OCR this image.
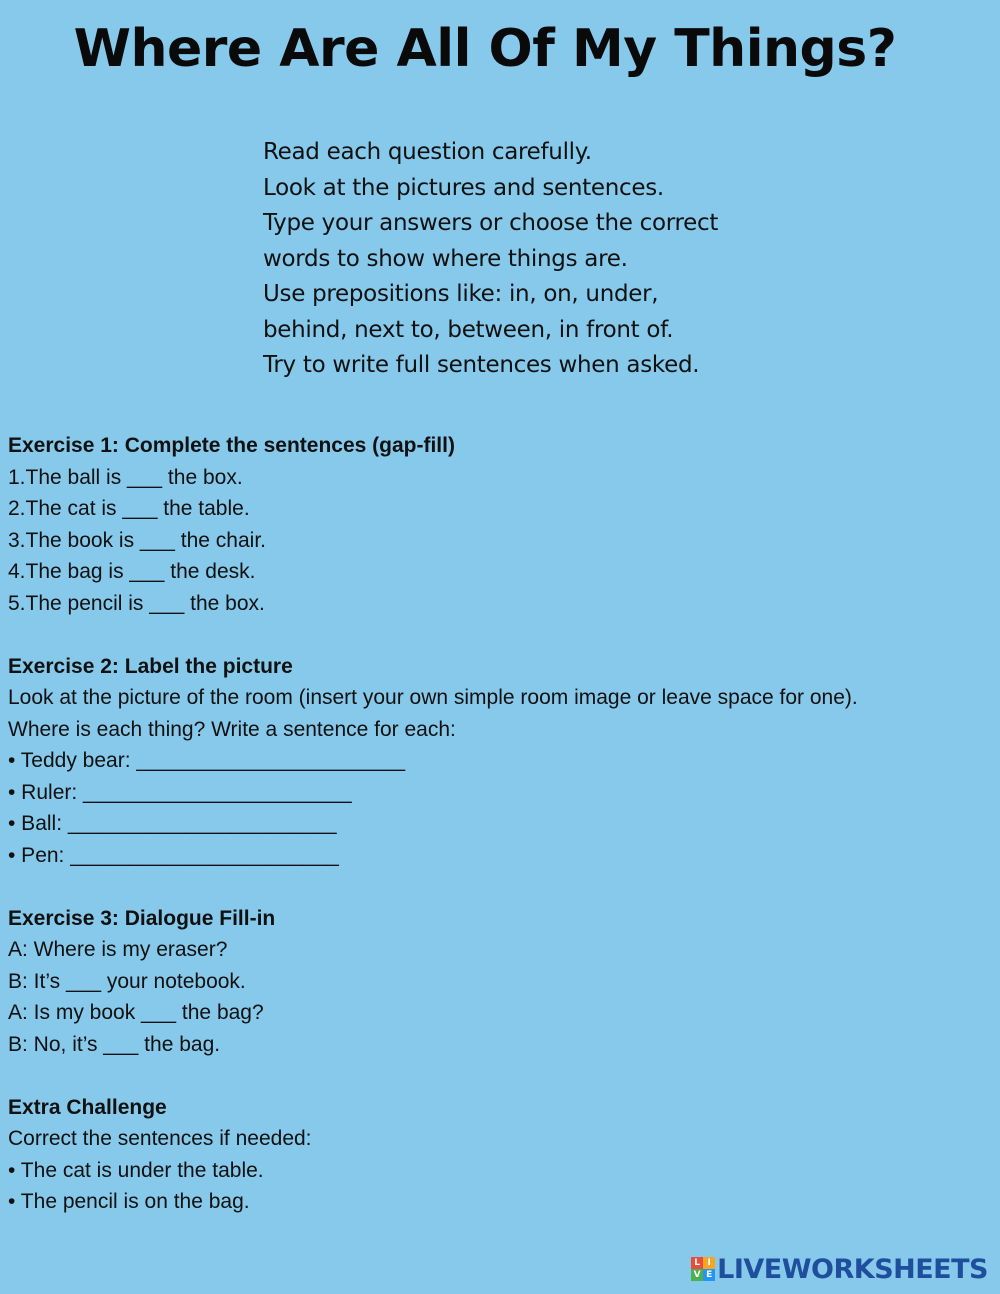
Where Are All Of My Things?
Read each question carefully.
Look at the pictures and sentences.
Type your answers or choose the correct
words to show where things are.
Use prepositions like: in, on, under,
behind, next to, between, in front of.
Try to write full sentences when asked.
Exercise 1: Complete the sentences (gap-fill)
1.The ball is ___ the box.
2.The cat is ___ the table.
3.The book is ___ the chair.
4.The bag is ___ the desk.
5.The pencil is ___ the box.
Exercise 2: Label the picture
Look at the picture of the room (insert your own simple room image or leave space for one).
Where is each thing? Write a sentence for each:
• Teddy bear: _______________________
• Ruler: _______________________
• Ball: _______________________
• Pen: _______________________
Exercise 3: Dialogue Fill-in
A: Where is my eraser?
B: It’s ___ your notebook.
A: Is my book ___ the bag?
B: No, it’s ___ the bag.
Extra Challenge
Correct the sentences if needed:
• The cat is under the table.
• The pencil is on the bag.
L I
V E LIVEWORKSHEETS
